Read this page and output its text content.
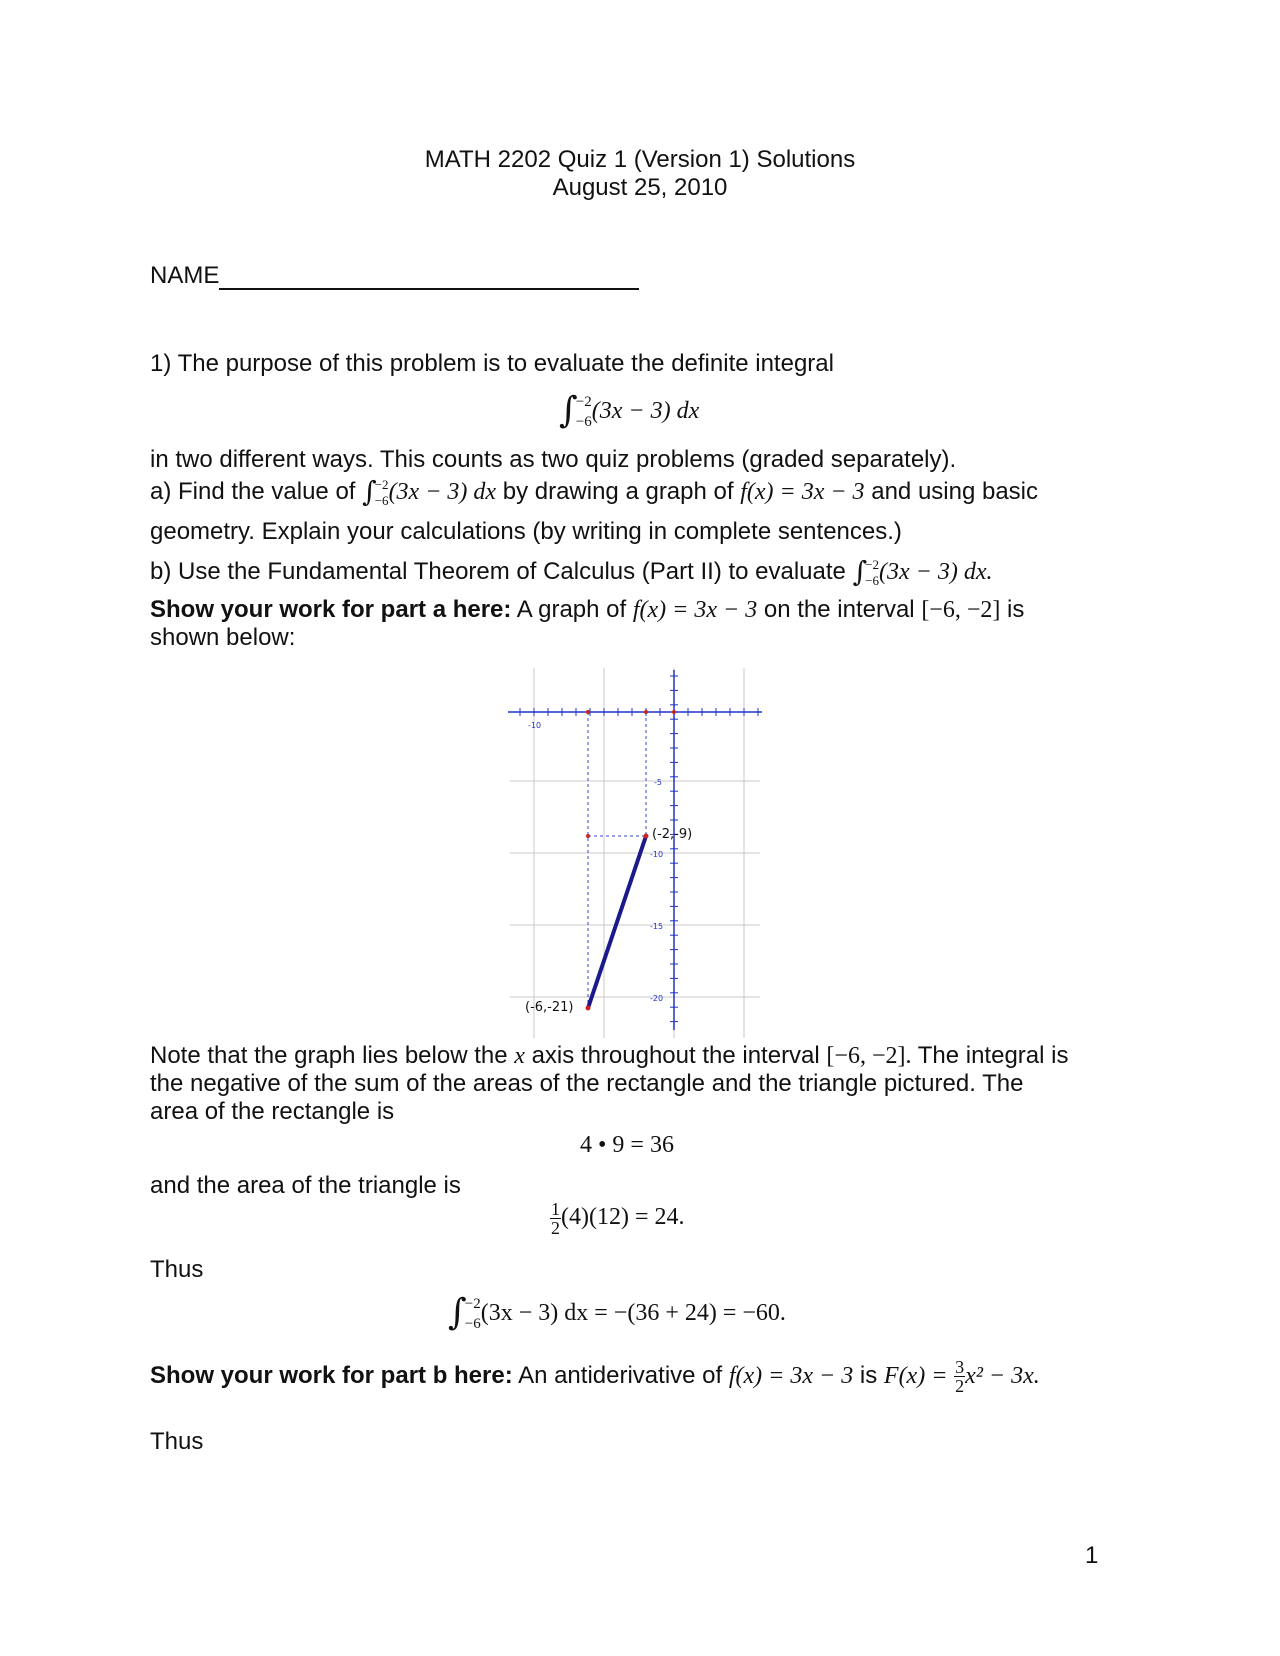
MATH 2202 Quiz 1 (Version 1) Solutions
August 25, 2010
NAME
1) The purpose of this problem is to evaluate the definite integral
∫
−2
−6 (3x − 3) dx
in two different ways. This counts as two quiz problems (graded separately).
a) Find the value of ∫
−2
−6 (3x − 3) dx by drawing a graph of f(x) = 3x − 3 and using basic
geometry. Explain your calculations (by writing in complete sentences.)
b) Use the Fundamental Theorem of Calculus (Part II) to evaluate ∫
−2
−6 (3x − 3) dx.
Show your work for part a here: A graph of f(x) = 3x − 3 on the interval [−6, −2] is
shown below:
(-2,-9)
(-6,-21)
-10
-5
-10
-15
-20
Note that the graph lies below the x axis throughout the interval [−6, −2]. The integral is
the negative of the sum of the areas of the rectangle and the triangle pictured. The
area of the rectangle is
4 • 9 = 36
and the area of the triangle is
$\frac{1}{2} (4)(12) = 24$.
Thus
∫
−2
−6 (3x − 3) dx = −(36 + 24) = −60.
Show your work for part b here: An antiderivative of f(x) = 3x − 3 is $F(x) = \frac{3}{2} x^2 - 3x$.
Thus
1
